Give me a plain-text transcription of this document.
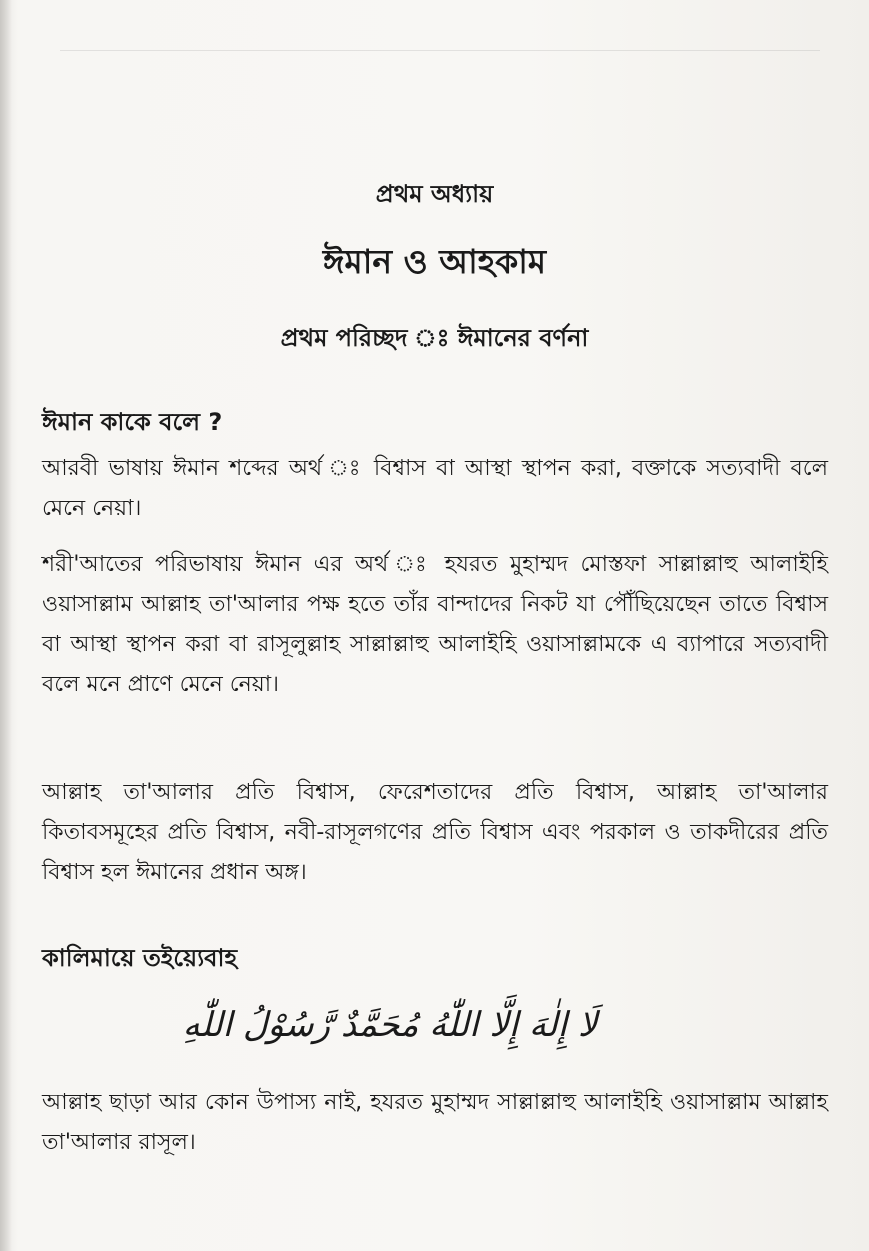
প্রথম অধ্যায়
ঈমান ও আহকাম
প্রথম পরিচ্ছদ ঃ ঈমানের বর্ণনা
ঈমান কাকে বলে ?

আরবী ভাষায় ঈমান শব্দের অর্থ ঃ বিশ্বাস বা আস্থা স্থাপন করা, বক্তাকে সত্যবাদী বলে মেনে নেয়া।

শরী'আতের পরিভাষায় ঈমান এর অর্থ ঃ হযরত মুহাম্মদ মোস্তফা সাল্লাল্লাহু আলাইহি ওয়াসাল্লাম আল্লাহ তা'আলার পক্ষ হতে তাঁর বান্দাদের নিকট যা পৌঁছিয়েছেন তাতে বিশ্বাস বা আস্থা স্থাপন করা বা রাসূলুল্লাহ সাল্লাল্লাহু আলাইহি ওয়াসাল্লামকে এ ব্যাপারে সত্যবাদী বলে মনে প্রাণে মেনে নেয়া।

আল্লাহ তা'আলার প্রতি বিশ্বাস, ফেরেশতাদের প্রতি বিশ্বাস, আল্লাহ তা'আলার কিতাবসমূহের প্রতি বিশ্বাস, নবী-রাসূলগণের প্রতি বিশ্বাস এবং পরকাল ও তাকদীরের প্রতি বিশ্বাস হল ঈমানের প্রধান অঙ্গ।

কালিমায়ে তইয়্যেবাহ
لَا إِلٰهَ إِلَّا اللّٰهُ مُحَمَّدٌ رَّسُوْلُ اللّٰهِ

আল্লাহ ছাড়া আর কোন উপাস্য নাই, হযরত মুহাম্মদ সাল্লাল্লাহু আলাইহি ওয়াসাল্লাম আল্লাহ তা'আলার রাসূল।
